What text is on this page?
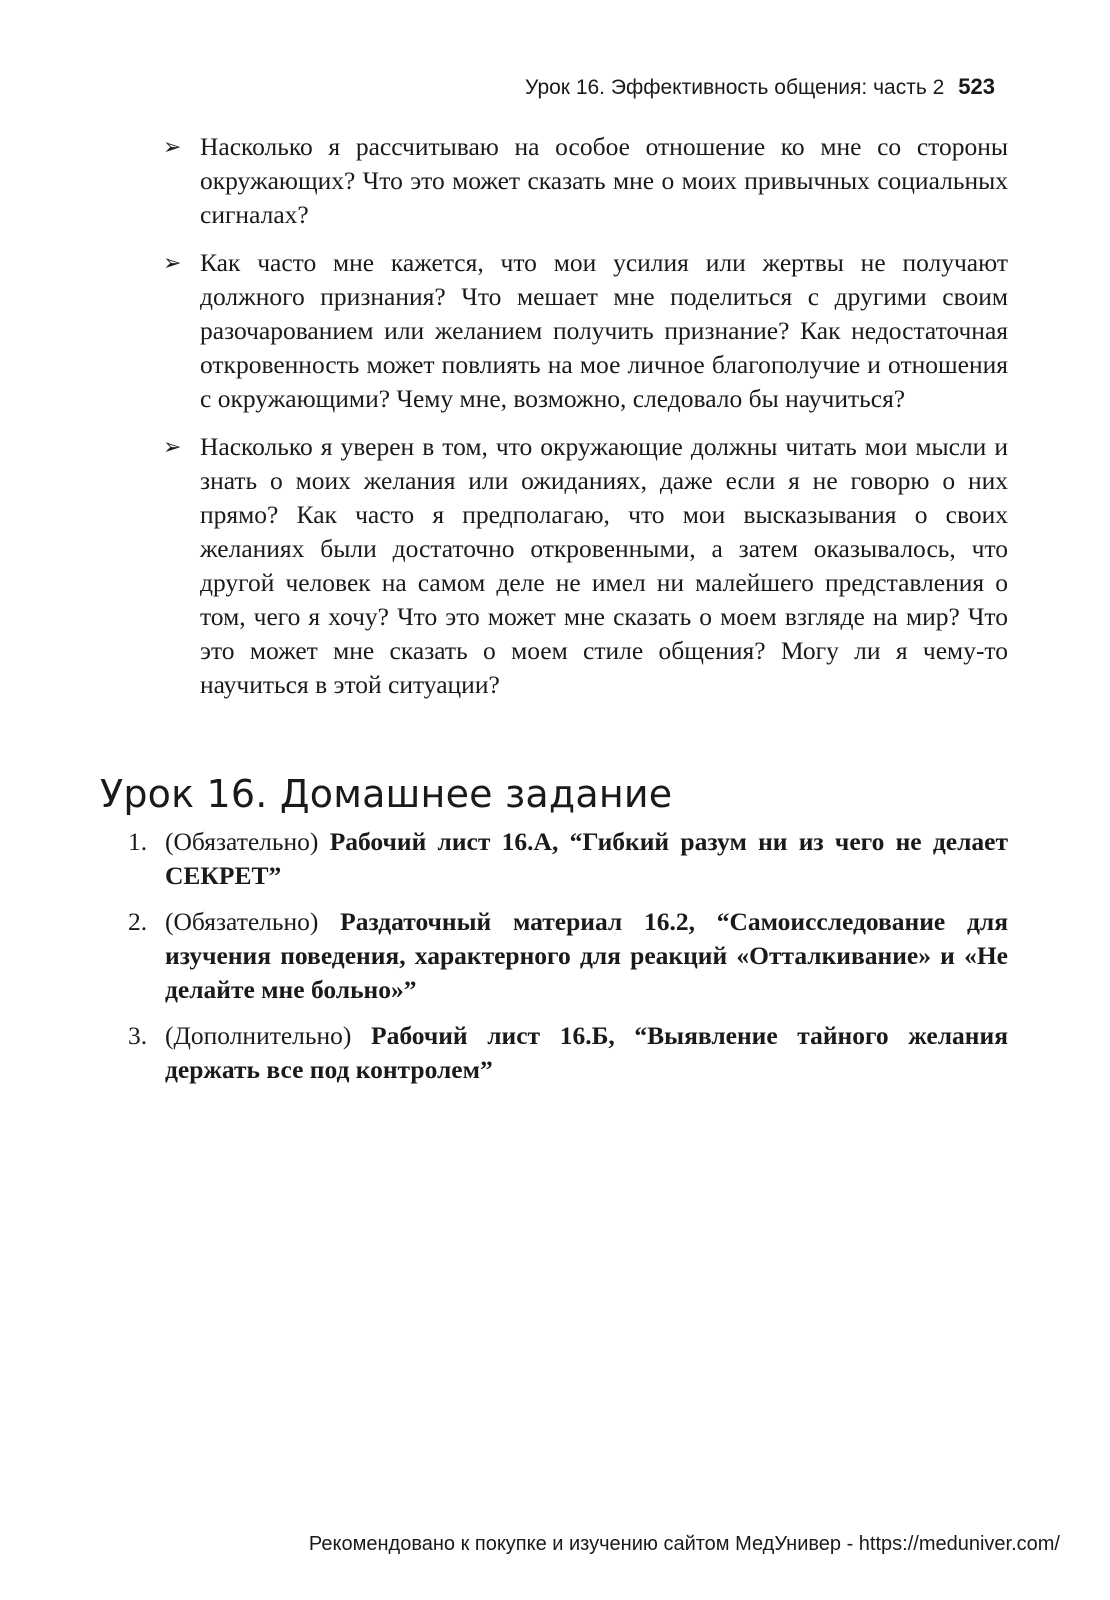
Урок 16. Эффективность общения: часть 2 523
➢ Насколько я рассчитываю на особое отношение ко мне со стороны окружающих? Что это может сказать мне о моих привычных социальных сигналах?
➢ Как часто мне кажется, что мои усилия или жертвы не получают должного признания? Что мешает мне поделиться с другими своим разочарованием или желанием получить признание? Как недостаточная откровенность может повлиять на мое личное благополучие и отношения с окружающими? Чему мне, возможно, следовало бы научиться?
➢ Насколько я уверен в том, что окружающие должны читать мои мысли и знать о моих желания или ожиданиях, даже если я не говорю о них прямо? Как часто я предполагаю, что мои высказывания о своих желаниях были достаточно откровенными, а затем оказывалось, что другой человек на самом деле не имел ни малейшего представления о том, чего я хочу? Что это может мне сказать о моем взгляде на мир? Что это может мне сказать о моем стиле общения? Могу ли я чему-то научиться в этой ситуации?
Урок 16. Домашнее задание
1. (Обязательно) Рабочий лист 16.А, “Гибкий разум ни из чего не делает СЕКРЕТ”
2. (Обязательно) Раздаточный материал 16.2, “Самоисследование для изучения поведения, характерного для реакций «Отталкивание» и «Не делайте мне больно»”
3. (Дополнительно) Рабочий лист 16.Б, “Выявление тайного желания держать все под контролем”
Рекомендовано к покупке и изучению сайтом МедУнивер - https://meduniver.com/
